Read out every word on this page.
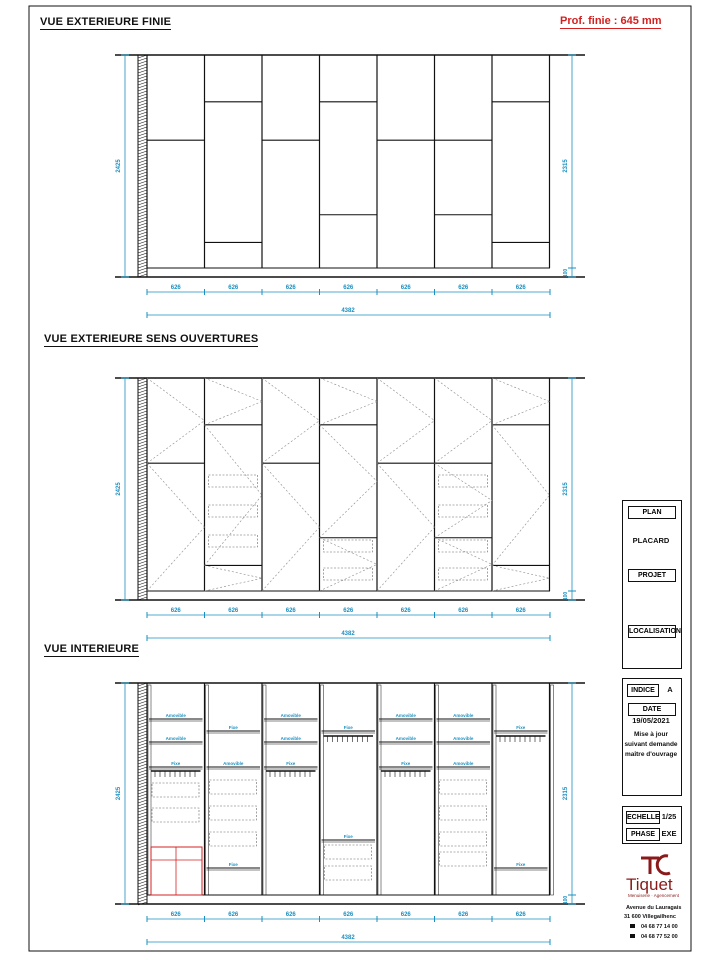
2425	2315
100
626	626	626	626	626	626	626
4382
2425	2315
100
626	626	626	626	626	626	626
4382
Amovible
Amovible
Fixe
Fixe
Amovible
Fixe
Amovible
Amovible
Fixe
Fixe
Fixe
Amovible
Amovible
Fixe
Amovible
Amovible
Amovible
Fixe
Fixe
2425	2315
100
626	626	626	626	626	626	626
4382
VUE EXTERIEURE FINIE	Prof. finie : 645 mm
VUE EXTERIEURE SENS OUVERTURES
VUE INTERIEURE
PLAN
PLACARD
PROJET
LOCALISATION
INDICE	A
DATE
19/05/2021
Mise à jour
suivant demande
maître d'ouvrage
ECHELLE 1/25
PHASE EXE
Tiquet
Menuiserie · Agencement
Avenue du Lauragais
31 600 Villegailhenc
04 68 77 14 00
04 68 77 52 00
